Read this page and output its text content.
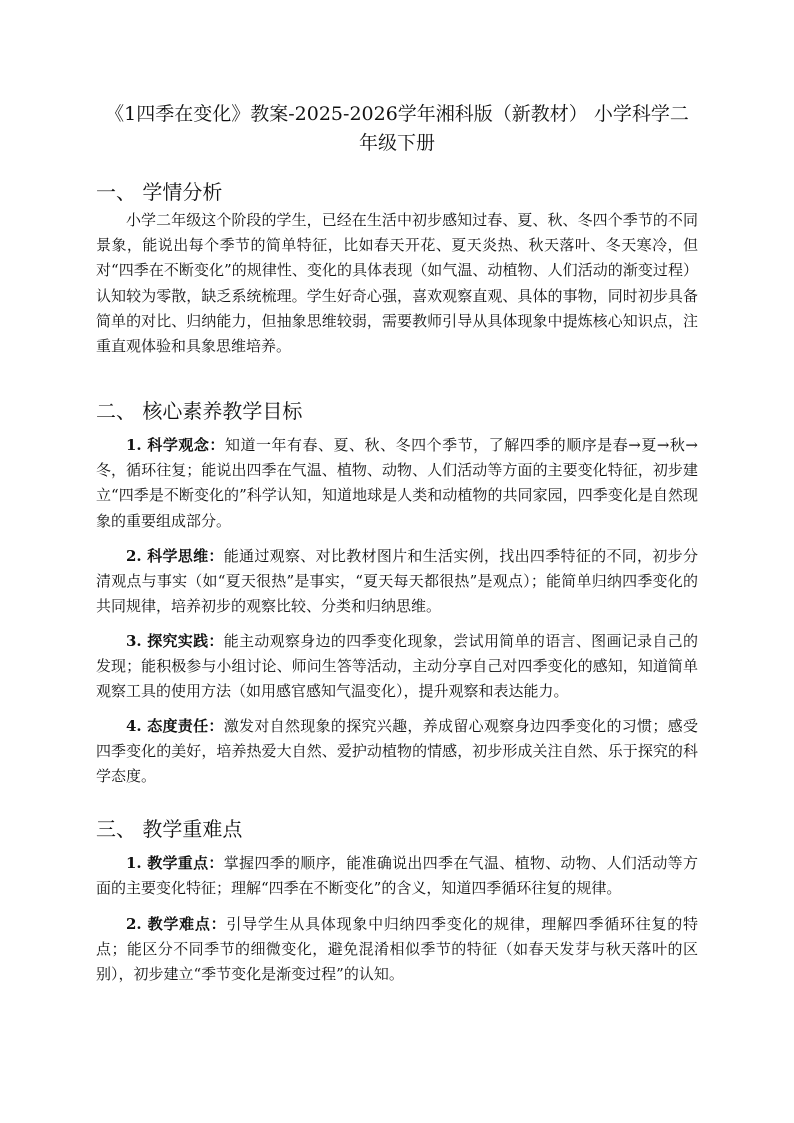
《1四季在变化》教案-2025-2026学年湘科版（新教材） 小学科学二年级下册
一、 学情分析

小学二年级这个阶段的学生，已经在生活中初步感知过春、夏、秋、冬四个季节的不同景象，能说出每个季节的简单特征，比如春天开花、夏天炎热、秋天落叶、冬天寒冷，但对“四季在不断变化”的规律性、变化的具体表现（如气温、动植物、人们活动的渐变过程）认知较为零散，缺乏系统梳理。学生好奇心强，喜欢观察直观、具体的事物，同时初步具备简单的对比、归纳能力，但抽象思维较弱，需要教师引导从具体现象中提炼核心知识点，注重直观体验和具象思维培养。

二、 核心素养教学目标

1. 科学观念：知道一年有春、夏、秋、冬四个季节，了解四季的顺序是春→夏→秋→冬，循环往复；能说出四季在气温、植物、动物、人们活动等方面的主要变化特征，初步建立“四季是不断变化的”科学认知，知道地球是人类和动植物的共同家园，四季变化是自然现象的重要组成部分。

2. 科学思维：能通过观察、对比教材图片和生活实例，找出四季特征的不同，初步分清观点与事实（如“夏天很热”是事实，“夏天每天都很热”是观点）；能简单归纳四季变化的共同规律，培养初步的观察比较、分类和归纳思维。

3. 探究实践：能主动观察身边的四季变化现象，尝试用简单的语言、图画记录自己的发现；能积极参与小组讨论、师问生答等活动，主动分享自己对四季变化的感知，知道简单观察工具的使用方法（如用感官感知气温变化），提升观察和表达能力。

4. 态度责任：激发对自然现象的探究兴趣，养成留心观察身边四季变化的习惯；感受四季变化的美好，培养热爱大自然、爱护动植物的情感，初步形成关注自然、乐于探究的科学态度。

三、 教学重难点

1. 教学重点：掌握四季的顺序，能准确说出四季在气温、植物、动物、人们活动等方面的主要变化特征；理解“四季在不断变化”的含义，知道四季循环往复的规律。

2. 教学难点：引导学生从具体现象中归纳四季变化的规律，理解四季循环往复的特点；能区分不同季节的细微变化，避免混淆相似季节的特征（如春天发芽与秋天落叶的区别），初步建立“季节变化是渐变过程”的认知。
